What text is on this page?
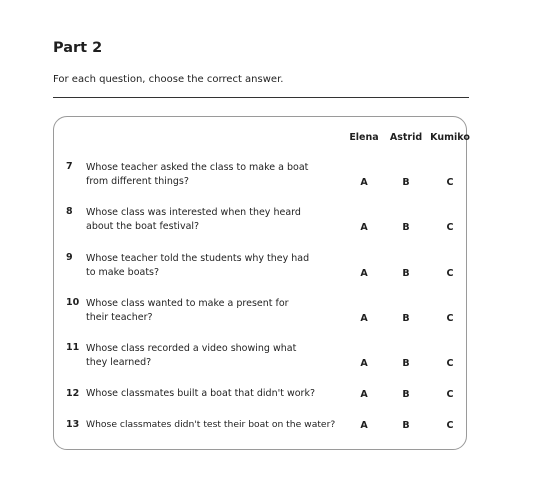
Part 2

For each question, choose the correct answer.

Elena	Astrid Kumiko
7	Whose teacher asked the class to make a boat
from different things?	A	B	C
8	Whose class was interested when they heard
about the boat festival?	A	B	C
9	Whose teacher told the students why they had
to make boats?	A	B	C
10 Whose class wanted to make a present for
their teacher?	A	B	C
11 Whose class recorded a video showing what
they learned?	A	B	C
12 Whose classmates built a boat that didn't work?	A	B	C
13 Whose classmates didn't test their boat on the water?	A	B	C
